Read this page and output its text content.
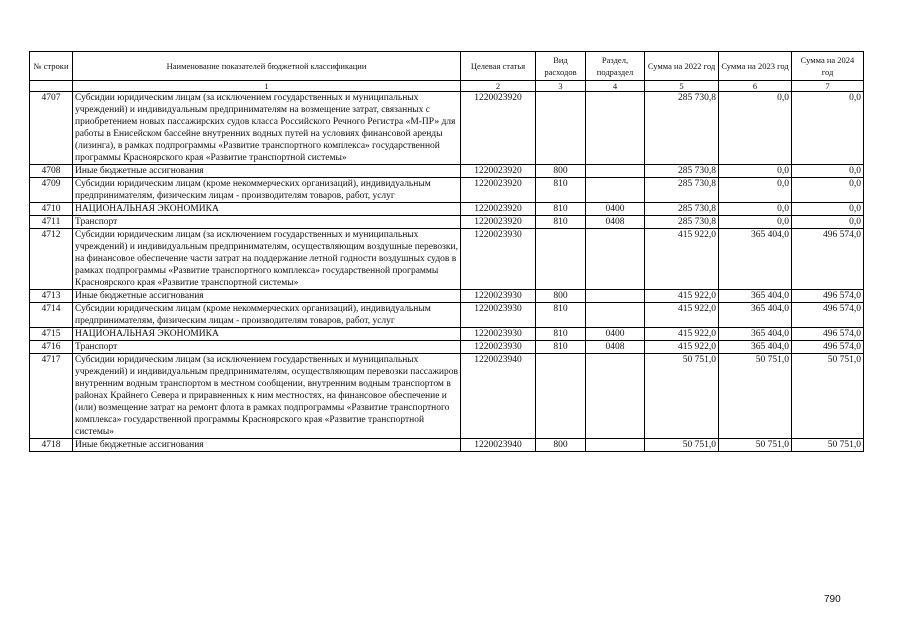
№ строки	Наименование показателей бюджетной классификации	Целевая статья	Вид расходов	Раздел, подраздел	Сумма на 2022 год	Сумма на 2023 год	Сумма на 2024 год
	1	2	3	4	5	6	7
4707	Субсидии юридическим лицам (за исключением государственных и муниципальных учреждений) и индивидуальным предпринимателям на возмещение затрат, связанных с приобретением новых пассажирских судов класса Российского Речного Регистра «М-ПР» для работы в Енисейском бассейне внутренних водных путей на условиях финансовой аренды (лизинга), в рамках подпрограммы «Развитие транспортного комплекса» государственной программы Красноярского края «Развитие транспортной системы»	1220023920			285 730,8	0,0	0,0
4708	Иные бюджетные ассигнования	1220023920	800		285 730,8	0,0	0,0
4709	Субсидии юридическим лицам (кроме некоммерческих организаций), индивидуальным предпринимателям, физическим лицам - производителям товаров, работ, услуг	1220023920	810		285 730,8	0,0	0,0
4710	НАЦИОНАЛЬНАЯ ЭКОНОМИКА	1220023920	810	0400	285 730,8	0,0	0,0
4711	Транспорт	1220023920	810	0408	285 730,8	0,0	0,0
4712	Субсидии юридическим лицам (за исключением государственных и муниципальных учреждений) и индивидуальным предпринимателям, осуществляющим воздушные перевозки, на финансовое обеспечение части затрат на поддержание летной годности воздушных судов в рамках подпрограммы «Развитие транспортного комплекса» государственной программы Красноярского края «Развитие транспортной системы»	1220023930			415 922,0	365 404,0	496 574,0
4713	Иные бюджетные ассигнования	1220023930	800		415 922,0	365 404,0	496 574,0
4714	Субсидии юридическим лицам (кроме некоммерческих организаций), индивидуальным предпринимателям, физическим лицам - производителям товаров, работ, услуг	1220023930	810		415 922,0	365 404,0	496 574,0
4715	НАЦИОНАЛЬНАЯ ЭКОНОМИКА	1220023930	810	0400	415 922,0	365 404,0	496 574,0
4716	Транспорт	1220023930	810	0408	415 922,0	365 404,0	496 574,0
4717	Субсидии юридическим лицам (за исключением государственных и муниципальных учреждений) и индивидуальным предпринимателям, осуществляющим перевозки пассажиров внутренним водным транспортом в местном сообщении, внутренним водным транспортом в районах Крайнего Севера и приравненных к ним местностях, на финансовое обеспечение и (или) возмещение затрат на ремонт флота в рамках подпрограммы «Развитие транспортного комплекса» государственной программы Красноярского края «Развитие транспортной системы»	1220023940			50 751,0	50 751,0	50 751,0
4718	Иные бюджетные ассигнования	1220023940	800		50 751,0	50 751,0	50 751,0
790
